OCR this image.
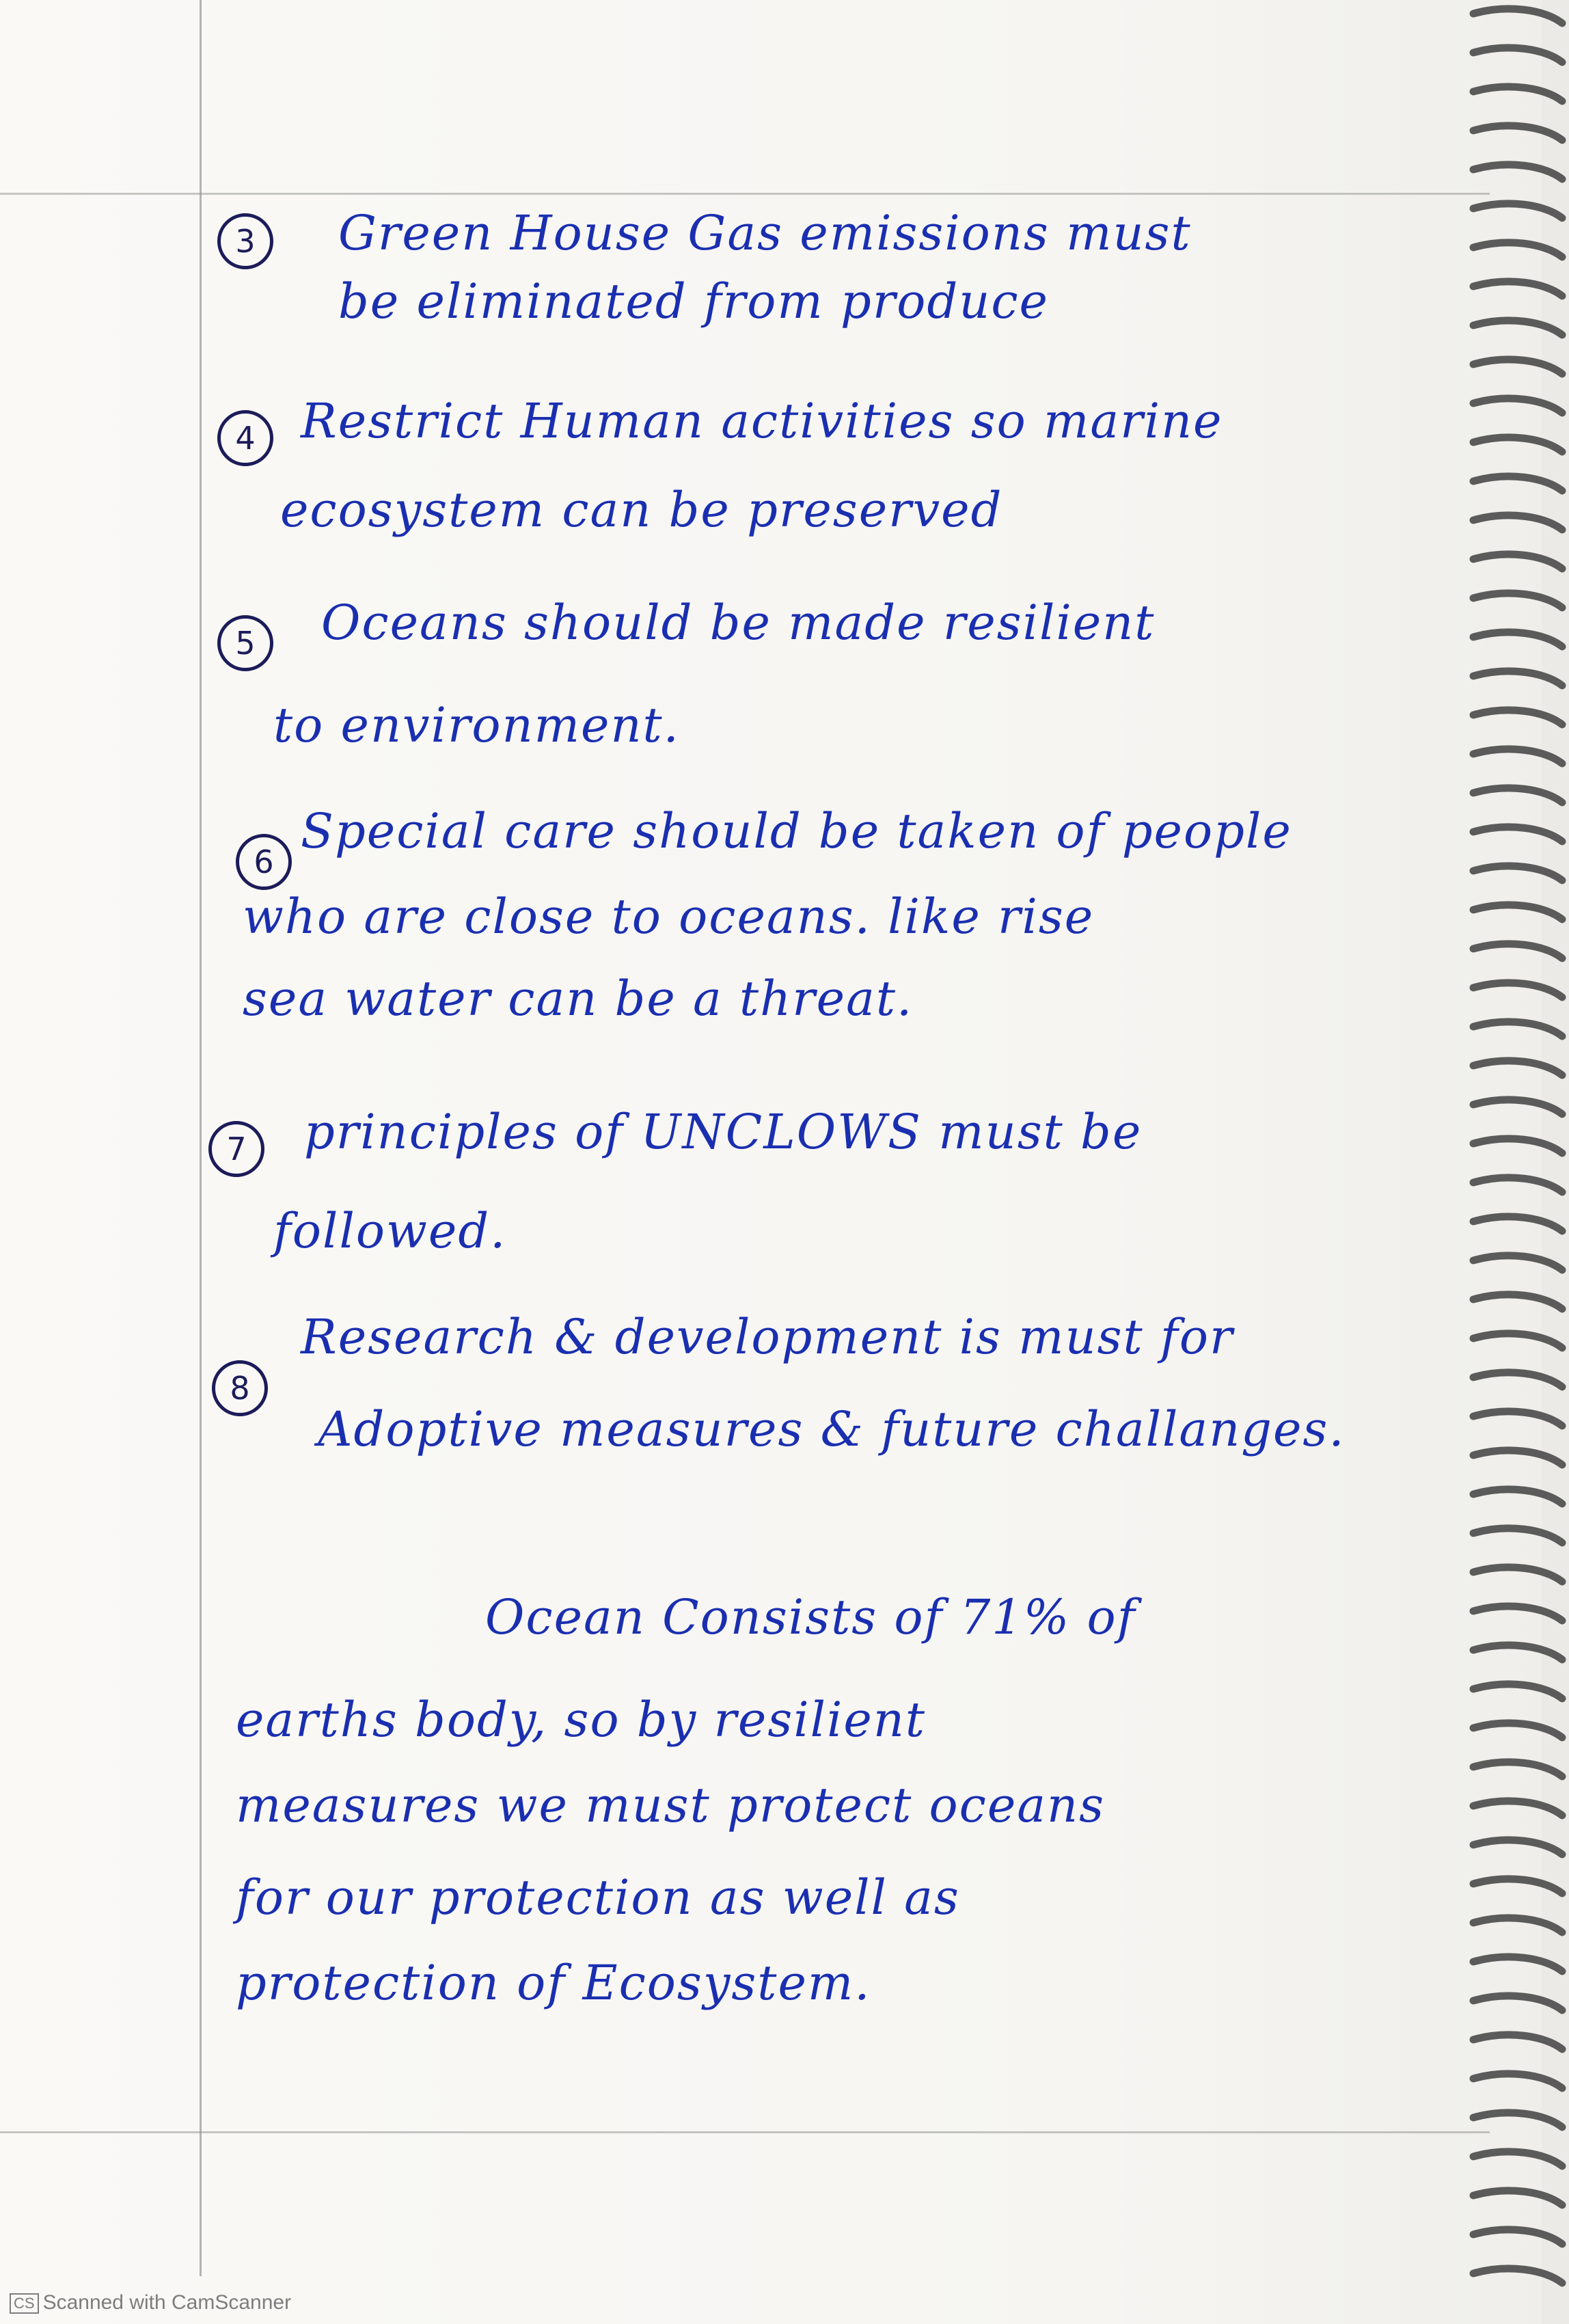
3	Green House Gas emissions must
be eliminated from produce
4 Restrict Human activities so marine
ecosystem can be preserved
5	Oceans should be made resilient
to environment.
6
Special care should be taken of people
who are close to oceans. like rise
sea water can be a threat.
7	principles of UNCLOWS must be
followed.
8
Research & development is must for
Adoptive measures & future challanges.
Ocean Consists of 71% of
earths body, so by resilient
measures we must protect oceans
for our protection as well as
protection of Ecosystem.
CS Scanned with CamScanner
